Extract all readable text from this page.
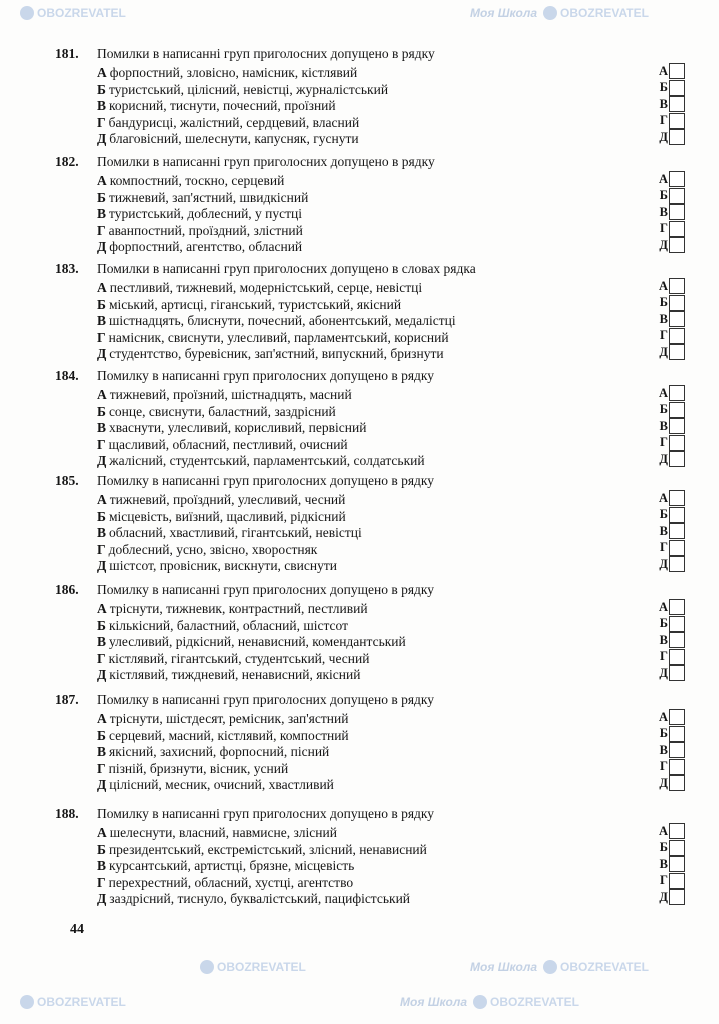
OBOZREVATEL
OBOZREVATEL
OBOZREVATEL
Моя Школа OBOZREVATEL
Моя Школа OBOZREVATEL
Моя Школа OBOZREVATEL
181. Помилки в написанні груп приголосних допущено в рядку
А форпостний, зловісно, намісник, кістлявий	А
Б туристський, цілісний, невістці, журналістський	Б
В корисний, тиснути, почесний, проїзний	В
Г бандурисці, жалістний, сердцевий, власний	Г
Д благовісний, шелеснути, капусняк, гуснути	Д
182. Помилки в написанні груп приголосних допущено в рядку
А компостний, тоскно, серцевий	А
Б тижневий, зап'ястний, швидкісний	Б
В туристський, доблесний, у пустці	В
Г аванпостний, проїздний, злістний	Г
Д форпостний, агентство, обласний	Д
183. Помилки в написанні груп приголосних допущено в словах рядка
А пестливий, тижневий, модерністський, серце, невістці	А
Б міський, артисці, гіганський, туристський, якісний	Б
В шістнадцять, блиснути, почесний, абонентський, медалістці	В
Г намісник, свиснути, улесливий, парламентський, корисний	Г
Д студентство, буревісник, зап'ястний, випускний, бризнути	Д
184. Помилку в написанні груп приголосних допущено в рядку
А тижневий, проїзний, шістнадцять, масний	А
Б сонце, свиснути, баластний, заздрісний	Б
В хваснути, улесливий, корисливий, первісний	В
Г щасливий, обласний, пестливий, очисний	Г
Д жалісний, студентський, парламентський, солдатський	Д
185. Помилку в написанні груп приголосних допущено в рядку
А тижневий, проїздний, улесливий, чесний	А
Б місцевість, виїзний, щасливий, рідкісний	Б
В обласний, хвастливий, гігантський, невістці	В
Г доблесний, усно, звісно, хворостняк	Г
Д шістсот, провісник, вискнути, свиснути	Д
186. Помилку в написанні груп приголосних допущено в рядку
А тріснути, тижневик, контрастний, пестливий	А
Б кількісний, баластний, обласний, шістсот	Б
В улесливий, рідкісний, ненависний, комендантський	В
Г кістлявий, гігантський, студентський, чесний	Г
Д кістлявий, тиждневий, ненависний, якісний	Д
187. Помилку в написанні груп приголосних допущено в рядку
А тріснути, шістдесят, ремісник, зап'ястний	А
Б серцевий, масний, кістлявий, компостний	Б
В якісний, захисний, форпосний, пісний	В
Г пізній, бризнути, вісник, усний	Г
Д цілісний, месник, очисний, хвастливий	Д
188. Помилку в написанні груп приголосних допущено в рядку
А шелеснути, власний, навмисне, злісний	А
Б президентський, екстремістський, злісний, ненависний	Б
В курсантський, артистці, брязне, місцевість	В
Г перехрестний, обласний, хустці, агентство	Г
Д заздрісний, тиснуло, буквалістський, пацифістський	Д
44
